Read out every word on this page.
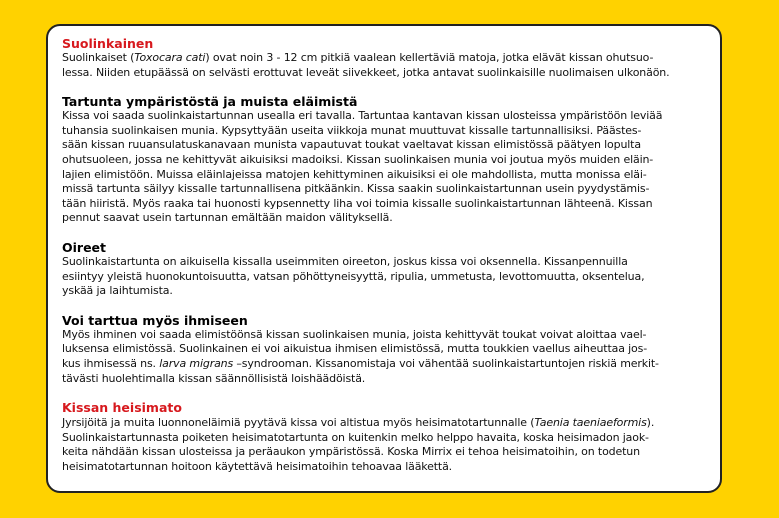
Suolinkainen

Suolinkaiset (Toxocara cati) ovat noin 3 - 12 cm pitkiä vaalean kellertäviä matoja, jotka elävät kissan ohutsuo-
lessa. Niiden etupäässä on selvästi erottuvat leveät siivekkeet, jotka antavat suolinkaisille nuolimaisen ulkonäön.

Tartunta ympäristöstä ja muista eläimistä

Kissa voi saada suolinkaistartunnan usealla eri tavalla. Tartuntaa kantavan kissan ulosteissa ympäristöön leviää
tuhansia suolinkaisen munia. Kypsyttyään useita viikkoja munat muuttuvat kissalle tartunnallisiksi. Päästes-
sään kissan ruuansulatuskanavaan munista vapautuvat toukat vaeltavat kissan elimistössä päätyen lopulta
ohutsuoleen, jossa ne kehittyvät aikuisiksi madoiksi. Kissan suolinkaisen munia voi joutua myös muiden eläin-
lajien elimistöön. Muissa eläinlajeissa matojen kehittyminen aikuisiksi ei ole mahdollista, mutta monissa eläi-
missä tartunta säilyy kissalle tartunnallisena pitkäänkin. Kissa saakin suolinkaistartunnan usein pyydystämis-
tään hiiristä. Myös raaka tai huonosti kypsennetty liha voi toimia kissalle suolinkaistartunnan lähteenä. Kissan
pennut saavat usein tartunnan emältään maidon välityksellä.

Oireet

Suolinkaistartunta on aikuisella kissalla useimmiten oireeton, joskus kissa voi oksennella. Kissanpennuilla
esiintyy yleistä huonokuntoisuutta, vatsan pöhöttyneisyyttä, ripulia, ummetusta, levottomuutta, oksentelua,
yskää ja laihtumista.

Voi tarttua myös ihmiseen

Myös ihminen voi saada elimistöönsä kissan suolinkaisen munia, joista kehittyvät toukat voivat aloittaa vael-
luksensa elimistössä. Suolinkainen ei voi aikuistua ihmisen elimistössä, mutta toukkien vaellus aiheuttaa jos-
kus ihmisessä ns. larva migrans –syndrooman. Kissanomistaja voi vähentää suolinkaistartuntojen riskiä merkit-
tävästi huolehtimalla kissan säännöllisistä loishäädöistä.

Kissan heisimato

Jyrsijöitä ja muita luonnoneläimiä pyytävä kissa voi altistua myös heisimatotartunnalle (Taenia taeniaeformis).
Suolinkaistartunnasta poiketen heisimatotartunta on kuitenkin melko helppo havaita, koska heisimadon jaok-
keita nähdään kissan ulosteissa ja peräaukon ympäristössä. Koska Mirrix ei tehoa heisimatoihin, on todetun
heisimatotartunnan hoitoon käytettävä heisimatoihin tehoavaa lääkettä.
